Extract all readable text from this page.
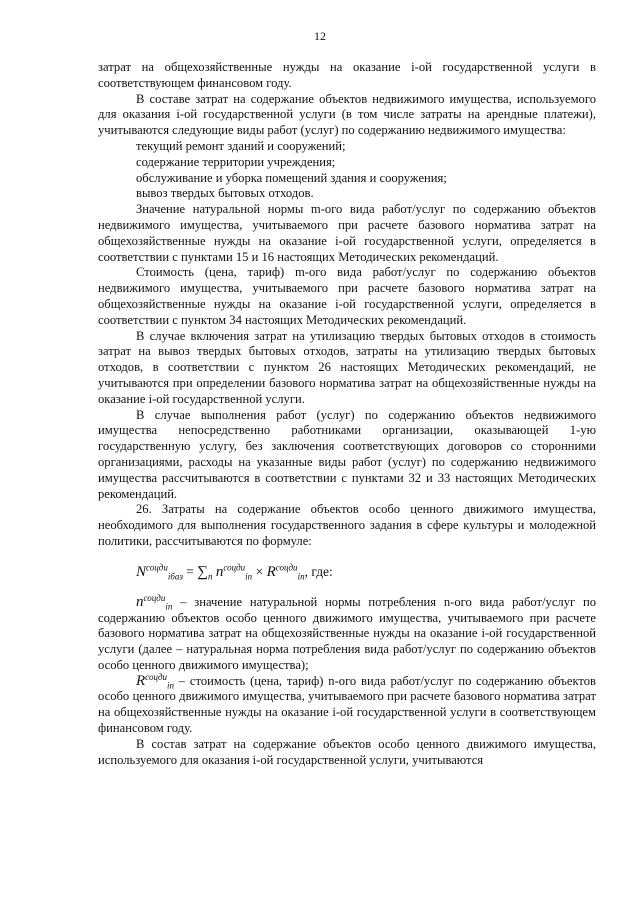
12

затрат на общехозяйственные нужды на оказание i-ой государственной услуги в соответствующем финансовом году.

В составе затрат на содержание объектов недвижимого имущества, используемого для оказания i-ой государственной услуги (в том числе затраты на арендные платежи), учитываются следующие виды работ (услуг) по содержанию недвижимого имущества:

текущий ремонт зданий и сооружений;

содержание территории учреждения;

обслуживание и уборка помещений здания и сооружения;

вывоз твердых бытовых отходов.

Значение натуральной нормы m-ого вида работ/услуг по содержанию объектов недвижимого имущества, учитываемого при расчете базового норматива затрат на общехозяйственные нужды на оказание i-ой государственной услуги, определяется в соответствии с пунктами 15 и 16 настоящих Методических рекомендаций.

Стоимость (цена, тариф) m-ого вида работ/услуг по содержанию объектов недвижимого имущества, учитываемого при расчете базового норматива затрат на общехозяйственные нужды на оказание i-ой государственной услуги, определяется в соответствии с пунктом 34 настоящих Методических рекомендаций.

В случае включения затрат на утилизацию твердых бытовых отходов в стоимость затрат на вывоз твердых бытовых отходов, затраты на утилизацию твердых бытовых отходов, в соответствии с пунктом 26 настоящих Методических рекомендаций, не учитываются при определении базового норматива затрат на общехозяйственные нужды на оказание i-ой государственной услуги.

В случае выполнения работ (услуг) по содержанию объектов недвижимого имущества непосредственно работниками организации, оказывающей 1-ую государственную услугу, без заключения соответствующих договоров со сторонними организациями, расходы на указанные виды работ (услуг) по содержанию недвижимого имущества рассчитываются в соответствии с пунктами 32 и 33 настоящих Методических рекомендаций.

26. Затраты на содержание объектов особо ценного движимого имущества, необходимого для выполнения государственного задания в сфере культуры и молодежной политики, рассчитываются по формуле:

$N^{соцди}_{iбаз} = \sum_n$ $n^{соцди}_{in} \times R^{соцди}_{in}$, где:

$n^{соцди}_{in}$ – значение натуральной нормы потребления n-ого вида работ/услуг по содержанию объектов особо ценного движимого имущества, учитываемого при расчете базового норматива затрат на общехозяйственные нужды на оказание i-ой государственной услуги (далее – натуральная норма потребления вида работ/услуг по содержанию объектов особо ценного движимого имущества);

$R^{соцди}_{in}$ – стоимость (цена, тариф) n-ого вида работ/услуг по содержанию объектов особо ценного движимого имущества, учитываемого при расчете базового норматива затрат на общехозяйственные нужды на оказание i-ой государственной услуги в соответствующем финансовом году.

В состав затрат на содержание объектов особо ценного движимого имущества, используемого для оказания i-ой государственной услуги, учитываются
